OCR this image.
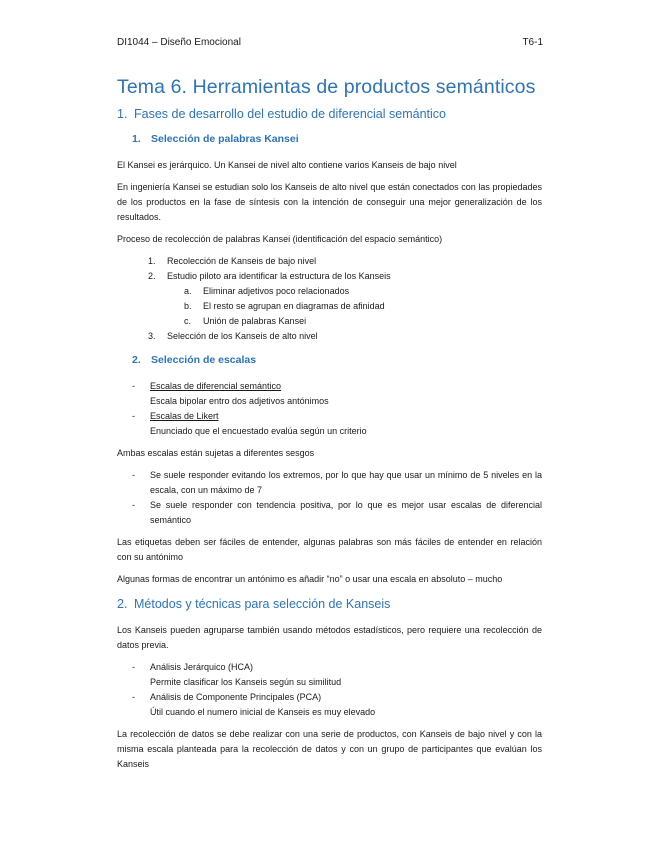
DI1044 – Diseño Emocional	T6-1
Tema 6. Herramientas de productos semánticos
1. Fases de desarrollo del estudio de diferencial semántico
1. Selección de palabras Kansei

El Kansei es jerárquico. Un Kansei de nivel alto contiene varios Kanseis de bajo nivel

En ingeniería Kansei se estudian solo los Kanseis de alto nivel que están conectados con las propiedades de los productos en la fase de síntesis con la intención de conseguir una mejor generalización de los resultados.

Proceso de recolección de palabras Kansei (identificación del espacio semántico)

1.	Recolección de Kanseis de bajo nivel
2.	Estudio piloto ara identificar la estructura de los Kanseis
a.	Eliminar adjetivos poco relacionados
b.	El resto se agrupan en diagramas de afinidad
c.	Unión de palabras Kansei
3.	Selección de los Kanseis de alto nivel
2. Selección de escalas
-	Escalas de diferencial semántico
Escala bipolar entro dos adjetivos antónimos
-	Escalas de Likert
Enunciado que el encuestado evalúa según un criterio

Ambas escalas están sujetas a diferentes sesgos

-	Se suele responder evitando los extremos, por lo que hay que usar un mínimo de 5 niveles en la escala, con un máximo de 7
-	Se suele responder con tendencia positiva, por lo que es mejor usar escalas de diferencial semántico

Las etiquetas deben ser fáciles de entender, algunas palabras son más fáciles de entender en relación con su antónimo

Algunas formas de encontrar un antónimo es añadir “no” o usar una escala en absoluto – mucho

2. Métodos y técnicas para selección de Kanseis

Los Kanseis pueden agruparse también usando métodos estadísticos, pero requiere una recolección de datos previa.

-	Análisis Jerárquico (HCA)
Permite clasificar los Kanseis según su similitud
-	Análisis de Componente Principales (PCA)
Útil cuando el numero inicial de Kanseis es muy elevado

La recolección de datos se debe realizar con una serie de productos, con Kanseis de bajo nivel y con la misma escala planteada para la recolección de datos y con un grupo de participantes que evalúan los Kanseis
